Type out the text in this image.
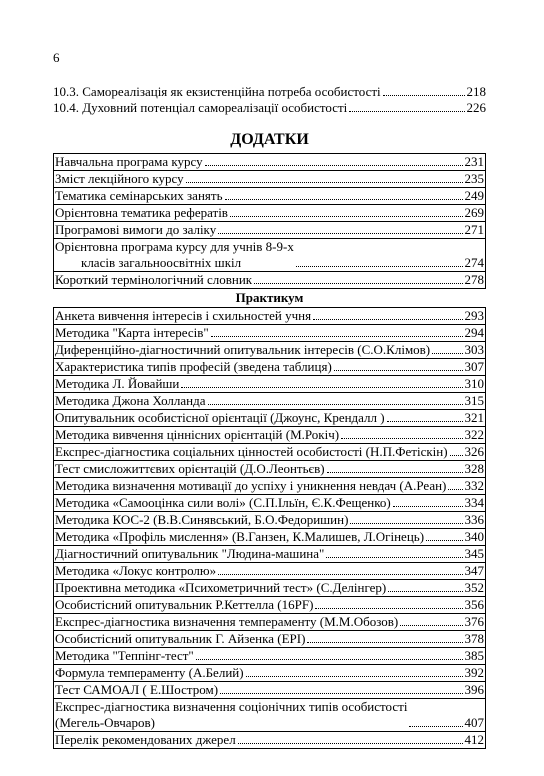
6
10.3. Самореалізація як екзистенційна потреба особистості	218
10.4. Духовний потенціал самореалізації особистості	226
ДОДАТКИ
Навчальна програма курсу	231
Зміст лекційного курсу	235
Тематика семінарських занять	249
Орієнтовна тематика рефератів	269
Програмові вимоги до заліку	271
Орієнтовна програма курсу для учнів 8-9-х
класів загальноосвітніх шкіл	274
Короткий термінологічний словник	278
Практикум
Анкета вивчення інтересів і схильностей учня	293
Методика "Карта інтересів"	294
Диференційно-діагностичний опитувальник інтересів (С.О.Клімов)	303
Характеристика типів професій (зведена таблиця)	307
Методика Л. Йовайши	310
Методика Джона Холланда	315
Опитувальник особистісної орієнтації (Джоунс, Крендалл )	321
Методика вивчення ціннісних орієнтацій (М.Рокіч)	322
Експрес-діагностика соціальних цінностей особистості (Н.П.Фетіскін) 326
Тест смисложиттєвих орієнтацій (Д.О.Леонтьєв)	328
Методика визначення мотивації до успіху і уникнення невдач (А.Реан) 332
Методика «Самооцінка сили волі» (С.П.Ільїн, Є.К.Фещенко)	334
Методика КОС-2 (В.В.Синявський, Б.О.Федоришин)	336
Методика «Профіль мислення» (В.Ганзен, К.Малишев, Л.Огінець)	340
Діагностичний опитувальник "Людина-машина"	345
Методика «Локус контролю»	347
Проективна методика «Психометричний тест» (С.Делінгер)	352
Особистісний опитувальник Р.Кеттелла (16PF)	356
Експрес-діагностика визначення темпераменту (М.М.Обозов)	376
Особистісний опитувальник Г. Айзенка (EPI)	378
Методика "Теппінг-тест"	385
Формула темпераменту (А.Белий)	392
Тест САМОАЛ ( Е.Шостром)	396
Експрес-діагностика визначення соціонічних типів особистості
(Мегель-Овчаров)	407
Перелік рекомендованих джерел	412
